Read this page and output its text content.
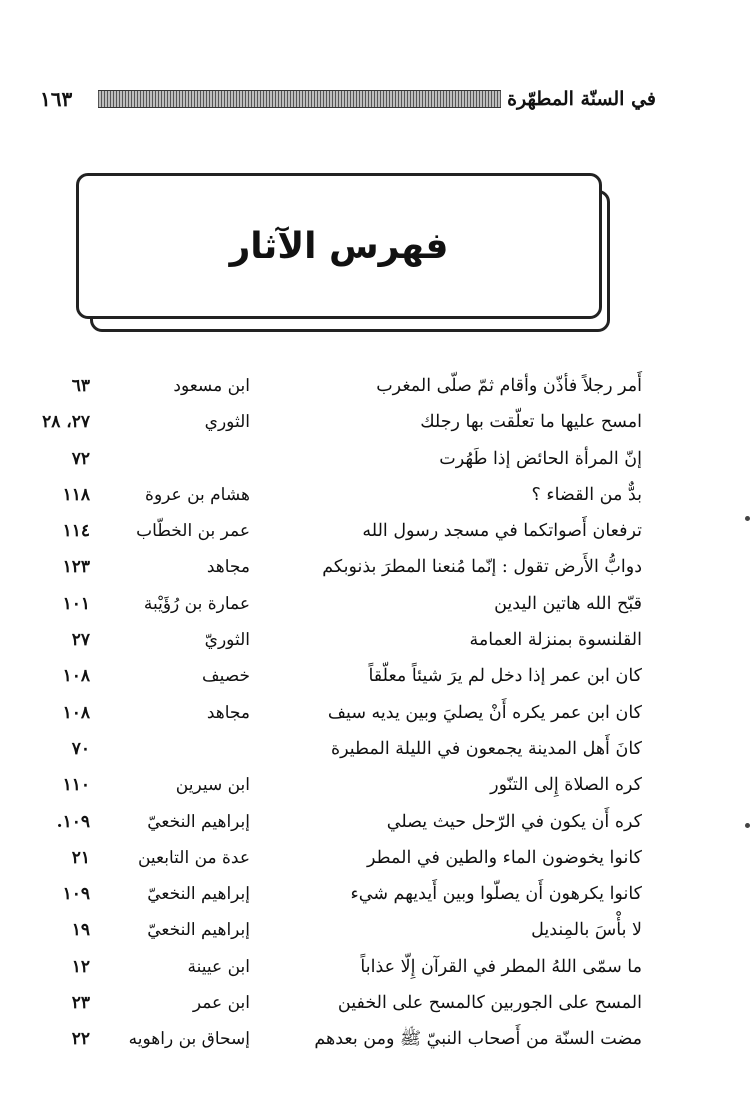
١٦٣	في السنّة المطهّرة
فهرس الآثار
أَمر رجلاً فأذّن وأقام ثمّ صلّى المغرب
ابن مسعود
٦٣
امسح عليها ما تعلّقت بها رجلك
الثوري
٢٧، ٢٨
إنّ المرأة الحائض إذا طَهُرت
٧٢
بدٌّ من القضاء ؟
هشام بن عروة
١١٨
ترفعان أَصواتكما في مسجد رسول الله
عمر بن الخطّاب
١١٤
دوابُّ الأَرض تقول : إنّما مُنعنا المطرَ بذنوبكم
مجاهد
١٢٣
قبّح الله هاتين اليدين
عمارة بن رُؤَيْبة
١٠١
القلنسوة بمنزلة العمامة
الثوريّ
٢٧
كان ابن عمر إذا دخل لم يرَ شيئاً معلّقاً
خصيف
١٠٨
كان ابن عمر يكره أَنْ يصليَ وبين يديه سيف
مجاهد
١٠٨
كانَ أَهل المدينة يجمعون في الليلة المطيرة
٧٠
كره الصلاة إِلى التنّور
ابن سيرين
١١٠
كره أَن يكون في الرّحل حيث يصلي
إبراهيم النخعيّ
١٠٩.
كانوا يخوضون الماء والطين في المطر
عدة من التابعين
٢١
كانوا يكرهون أَن يصلّوا وبين أَيديهم شيء
إبراهيم النخعيّ
١٠٩
لا بأْسَ بالمِنديل
إبراهيم النخعيّ
١٩
ما سمّى اللهُ المطر في القرآن إِلّا عذاباً
ابن عيينة
١٢
المسح على الجوربين كالمسح على الخفين
ابن عمر
٢٣
مضت السنّة من أَصحاب النبيّ ﷺ ومن بعدهم
إسحاق بن راهويه
٢٢
